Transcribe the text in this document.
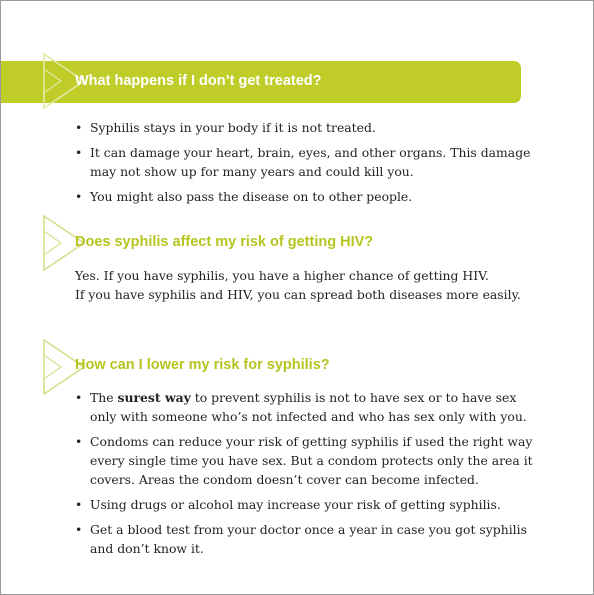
What happens if I don’t get treated?
• Syphilis stays in your body if it is not treated.
• It can damage your heart, brain, eyes, and other organs. This damage may not show up for many years and could kill you.
• You might also pass the disease on to other people.
Does syphilis affect my risk of getting HIV?
Yes. If you have syphilis, you have a higher chance of getting HIV.
If you have syphilis and HIV, you can spread both diseases more easily.
How can I lower my risk for syphilis?
• The surest way to prevent syphilis is not to have sex or to have sex only with someone who’s not infected and who has sex only with you.
• Condoms can reduce your risk of getting syphilis if used the right way every single time you have sex. But a condom protects only the area it covers. Areas the condom doesn’t cover can become infected.
• Using drugs or alcohol may increase your risk of getting syphilis.
• Get a blood test from your doctor once a year in case you got syphilis and don’t know it.
